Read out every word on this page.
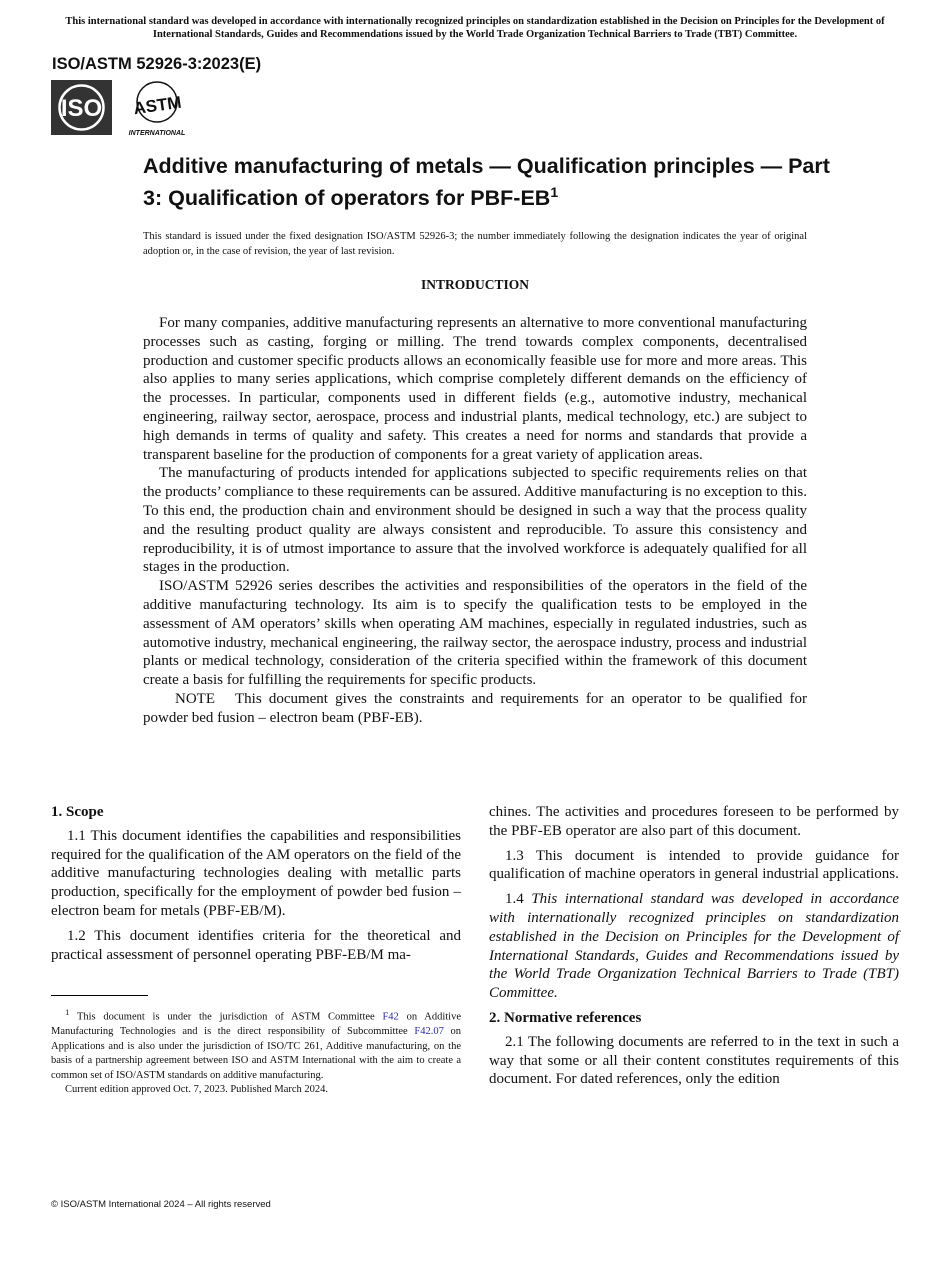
This international standard was developed in accordance with internationally recognized principles on standardization established in the Decision on Principles for the Development of International Standards, Guides and Recommendations issued by the World Trade Organization Technical Barriers to Trade (TBT) Committee.
ISO/ASTM 52926-3:2023(E)
ISO ASTM
INTERNATIONAL
Additive manufacturing of metals — Qualification principles — Part 3: Qualification of operators for PBF-$EB^1$
This standard is issued under the fixed designation ISO/ASTM 52926-3; the number immediately following the designation indicates the year of original adoption or, in the case of revision, the year of last revision.
INTRODUCTION

For many companies, additive manufacturing represents an alternative to more conventional manufacturing processes such as casting, forging or milling. The trend towards complex components, decentralised production and customer specific products allows an economically feasible use for more and more areas. This also applies to many series applications, which comprise completely different demands on the efficiency of the processes. In particular, components used in different fields (e.g., automotive industry, mechanical engineering, railway sector, aerospace, process and industrial plants, medical technology, etc.) are subject to high demands in terms of quality and safety. This creates a need for norms and standards that provide a transparent baseline for the production of components for a great variety of application areas.

The manufacturing of products intended for applications subjected to specific requirements relies on that the products’ compliance to these requirements can be assured. Additive manufacturing is no exception to this. To this end, the production chain and environment should be designed in such a way that the process quality and the resulting product quality are always consistent and reproducible. To assure this consistency and reproducibility, it is of utmost importance to assure that the involved workforce is adequately qualified for all stages in the production.

ISO/ASTM 52926 series describes the activities and responsibilities of the operators in the field of the additive manufacturing technology. Its aim is to specify the qualification tests to be employed in the assessment of AM operators’ skills when operating AM machines, especially in regulated industries, such as automotive industry, mechanical engineering, the railway sector, the aerospace industry, process and industrial plants or medical technology, consideration of the criteria specified within the framework of this document create a basis for fulfilling the requirements for specific products.

NOTE This document gives the constraints and requirements for an operator to be qualified for powder bed fusion – electron beam (PBF-EB).

1. Scope

1.1 This document identifies the capabilities and responsibilities required for the qualification of the AM operators on the field of the additive manufacturing technologies dealing with metallic parts production, specifically for the employment of powder bed fusion – electron beam for metals (PBF-EB/M).

1.2 This document identifies criteria for the theoretical and practical assessment of personnel operating PBF-EB/M ma-

chines. The activities and procedures foreseen to be performed by the PBF-EB operator are also part of this document.

1.3 This document is intended to provide guidance for qualification of machine operators in general industrial applications.

1.4 This international standard was developed in accordance with internationally recognized principles on standardization established in the Decision on Principles for the Development of International Standards, Guides and Recommendations issued by the World Trade Organization Technical Barriers to Trade (TBT) Committee.

2. Normative references

2.1 The following documents are referred to in the text in such a way that some or all their content constitutes requirements of this document. For dated references, only the edition

$^1$ This document is under the jurisdiction of ASTM Committee F42 on Additive Manufacturing Technologies and is the direct responsibility of Subcommittee F42.07 on Applications and is also under the jurisdiction of ISO/TC 261, Additive manufacturing, on the basis of a partnership agreement between ISO and ASTM International with the aim to create a common set of ISO/ASTM standards on additive manufacturing.

Current edition approved Oct. 7, 2023. Published March 2024.

© ISO/ASTM International 2024 – All rights reserved
